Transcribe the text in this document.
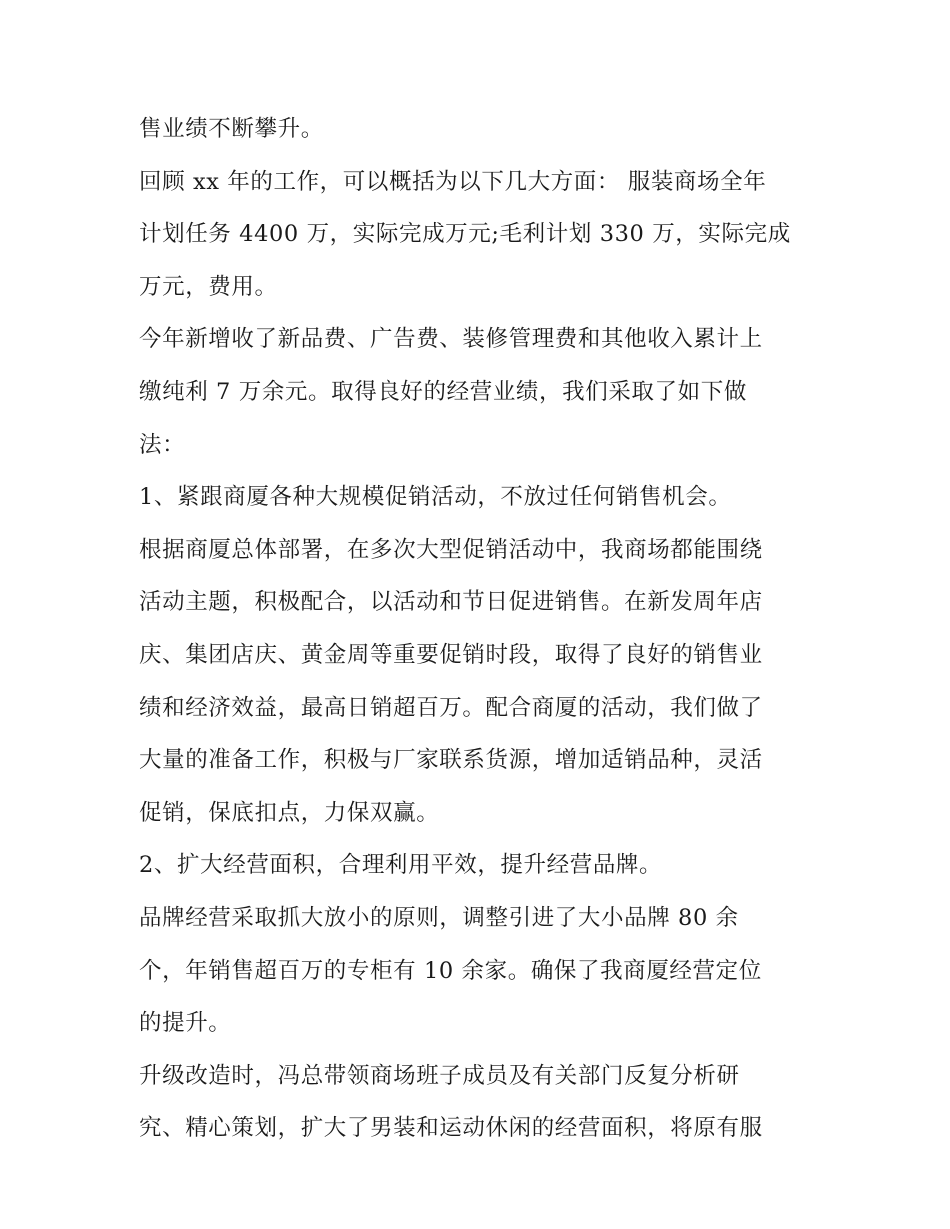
售业绩不断攀升。
回顾 xx 年的工作，可以概括为以下几大方面： 服装商场全年
计划任务 4400 万，实际完成万元;毛利计划 330 万，实际完成
万元，费用。
今年新增收了新品费、广告费、装修管理费和其他收入累计上
缴纯利 7 万余元。取得良好的经营业绩，我们采取了如下做
法：
1、紧跟商厦各种大规模促销活动，不放过任何销售机会。
根据商厦总体部署，在多次大型促销活动中，我商场都能围绕
活动主题，积极配合，以活动和节日促进销售。在新发周年店
庆、集团店庆、黄金周等重要促销时段，取得了良好的销售业
绩和经济效益，最高日销超百万。配合商厦的活动，我们做了
大量的准备工作，积极与厂家联系货源，增加适销品种，灵活
促销，保底扣点，力保双赢。
2、扩大经营面积，合理利用平效，提升经营品牌。
品牌经营采取抓大放小的原则，调整引进了大小品牌 80 余
个，年销售超百万的专柜有 10 余家。确保了我商厦经营定位
的提升。
升级改造时，冯总带领商场班子成员及有关部门反复分析研
究、精心策划，扩大了男装和运动休闲的经营面积，将原有服
